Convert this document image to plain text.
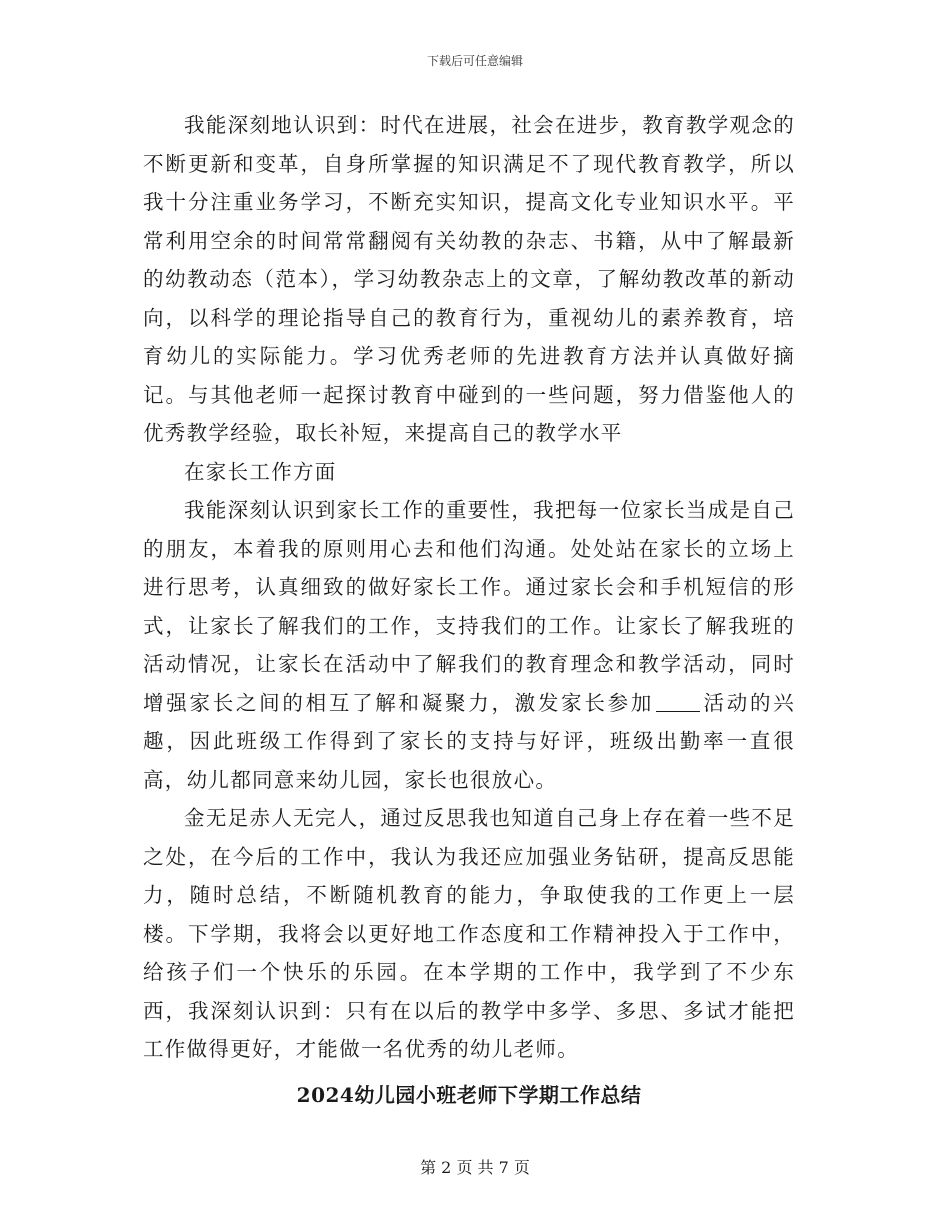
下载后可任意编辑

我能深刻地认识到：时代在进展，社会在进步，教育教学观念的不断更新和变革，自身所掌握的知识满足不了现代教育教学，所以我十分注重业务学习，不断充实知识，提高文化专业知识水平。平常利用空余的时间常常翻阅有关幼教的杂志、书籍，从中了解最新的幼教动态（范本），学习幼教杂志上的文章，了解幼教改革的新动向，以科学的理论指导自己的教育行为，重视幼儿的素养教育，培育幼儿的实际能力。学习优秀老师的先进教育方法并认真做好摘记。与其他老师一起探讨教育中碰到的一些问题，努力借鉴他人的优秀教学经验，取长补短，来提高自己的教学水平

在家长工作方面

我能深刻认识到家长工作的重要性，我把每一位家长当成是自己的朋友，本着我的原则用心去和他们沟通。处处站在家长的立场上进行思考，认真细致的做好家长工作。通过家长会和手机短信的形式，让家长了解我们的工作，支持我们的工作。让家长了解我班的活动情况，让家长在活动中了解我们的教育理念和教学活动，同时增强家长之间的相互了解和凝聚力，激发家长参加 活动的兴趣，因此班级工作得到了家长的支持与好评，班级出勤率一直很高，幼儿都同意来幼儿园，家长也很放心。

金无足赤人无完人，通过反思我也知道自己身上存在着一些不足之处，在今后的工作中，我认为我还应加强业务钻研，提高反思能力，随时总结，不断随机教育的能力，争取使我的工作更上一层楼。下学期，我将会以更好地工作态度和工作精神投入于工作中，给孩子们一个快乐的乐园。在本学期的工作中，我学到了不少东西，我深刻认识到：只有在以后的教学中多学、多思、多试才能把工作做得更好，才能做一名优秀的幼儿老师。

2024幼儿园小班老师下学期工作总结

第 2 页 共 7 页
